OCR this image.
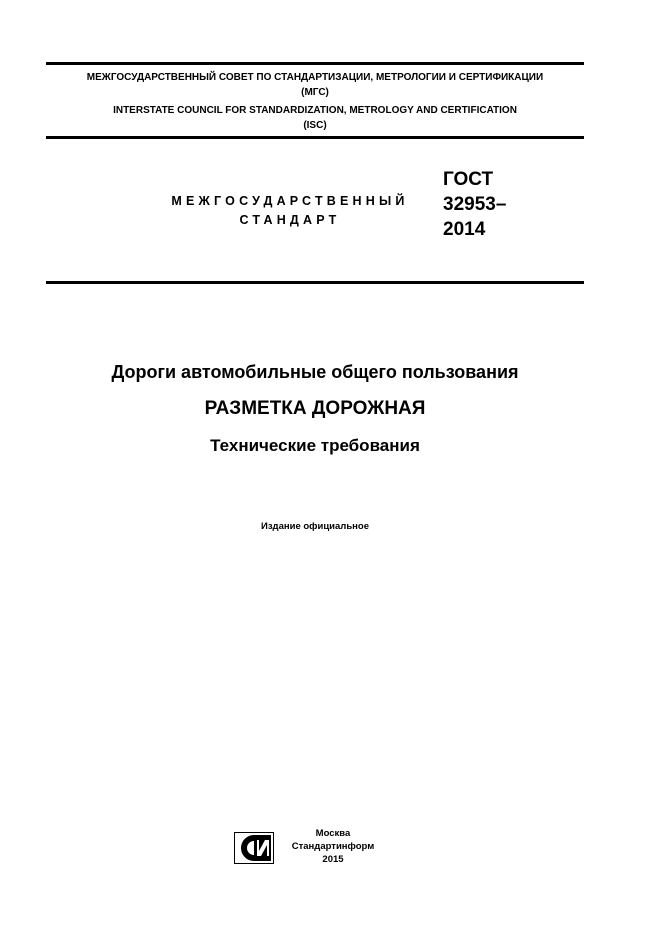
МЕЖГОСУДАРСТВЕННЫЙ СОВЕТ ПО СТАНДАРТИЗАЦИИ, МЕТРОЛОГИИ И СЕРТИФИКАЦИИ
(МГС)
INTERSTATE COUNCIL FOR STANDARDIZATION, METROLOGY AND CERTIFICATION
(ISC)
МЕЖГОСУДАРСТВЕННЫЙ
СТАНДАРТ
ГОСТ
32953–
2014
Дороги автомобильные общего пользования
РАЗМЕТКА ДОРОЖНАЯ
Технические требования
Издание официальное
Москва
Стандартинформ
2015
